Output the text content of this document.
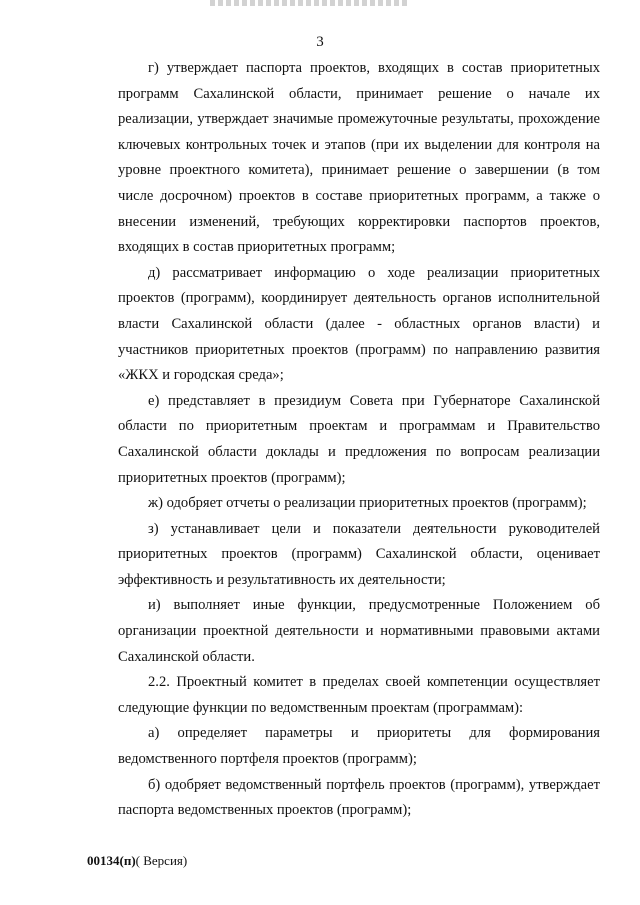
3

г) утверждает паспорта проектов, входящих в состав приоритетных программ Сахалинской области, принимает решение о начале их реализации, утверждает значимые промежуточные результаты, прохождение ключевых контрольных точек и этапов (при их выделении для контроля на уровне проектного комитета), принимает решение о завершении (в том числе досрочном) проектов в составе приоритетных программ, а также о внесении изменений, требующих корректировки паспортов проектов, входящих в состав приоритетных программ;

д) рассматривает информацию о ходе реализации приоритетных проектов (программ), координирует деятельность органов исполнительной власти Сахалинской области (далее - областных органов власти) и участников приоритетных проектов (программ) по направлению развития «ЖКХ и городская среда»;

е) представляет в президиум Совета при Губернаторе Сахалинской области по приоритетным проектам и программам и Правительство Сахалинской области доклады и предложения по вопросам реализации приоритетных проектов (программ);

ж) одобряет отчеты о реализации приоритетных проектов (программ);

з) устанавливает цели и показатели деятельности руководителей приоритетных проектов (программ) Сахалинской области, оценивает эффективность и результативность их деятельности;

и) выполняет иные функции, предусмотренные Положением об организации проектной деятельности и нормативными правовыми актами Сахалинской области.

2.2. Проектный комитет в пределах своей компетенции осуществляет следующие функции по ведомственным проектам (программам):

а) определяет параметры и приоритеты для формирования ведомственного портфеля проектов (программ);

б) одобряет ведомственный портфель проектов (программ), утверждает паспорта ведомственных проектов (программ);

00134(п)( Версия)
